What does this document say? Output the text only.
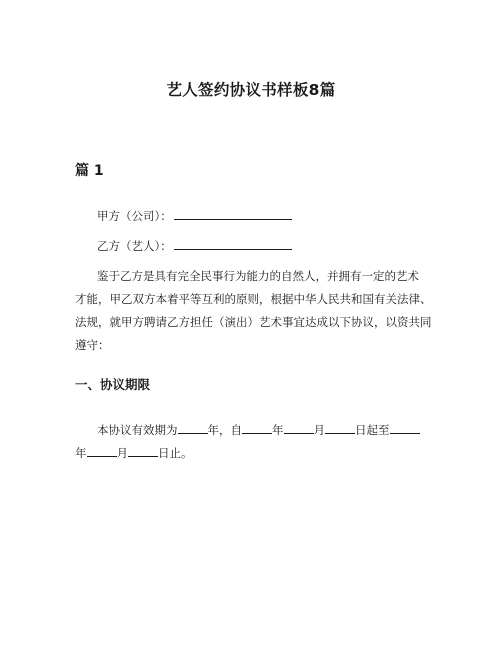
艺人签约协议书样板8篇
篇 1
甲方（公司）：
乙方（艺人）：
鉴于乙方是具有完全民事行为能力的自然人，并拥有一定的艺术
才能，甲乙双方本着平等互利的原则，根据中华人民共和国有关法律、
法规，就甲方聘请乙方担任（演出）艺术事宜达成以下协议，以资共同
遵守：
一、协议期限
本协议有效期为	年，自	年	月	日起至
年	月	日止。
